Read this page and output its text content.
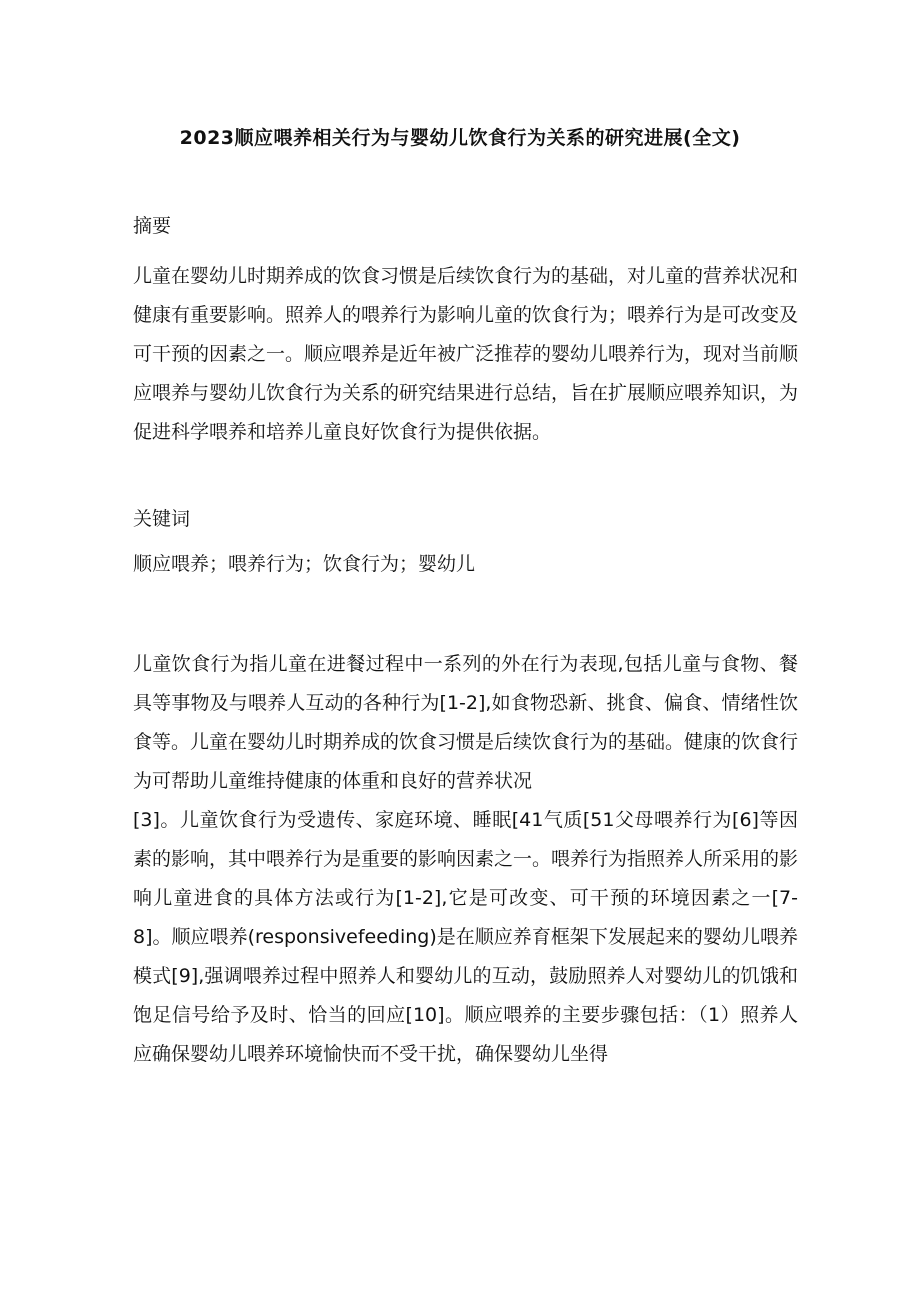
2023顺应喂养相关行为与婴幼儿饮食行为关系的研究进展(全文)

摘要

儿童在婴幼儿时期养成的饮食习惯是后续饮食行为的基础，对儿童的营养状况和健康有重要影响。照养人的喂养行为影响儿童的饮食行为；喂养行为是可改变及可干预的因素之一。顺应喂养是近年被广泛推荐的婴幼儿喂养行为，现对当前顺应喂养与婴幼儿饮食行为关系的研究结果进行总结，旨在扩展顺应喂养知识，为促进科学喂养和培养儿童良好饮食行为提供依据。

关键词

顺应喂养；喂养行为；饮食行为；婴幼儿

儿童饮食行为指儿童在进餐过程中一系列的外在行为表现,包括儿童与食物、餐具等事物及与喂养人互动的各种行为[1-2],如食物恐新、挑食、偏食、情绪性饮食等。儿童在婴幼儿时期养成的饮食习惯是后续饮食行为的基础。健康的饮食行为可帮助儿童维持健康的体重和良好的营养状况

[3]。儿童饮食行为受遗传、家庭环境、睡眠[41气质[51父母喂养行为[6]等因素的影响，其中喂养行为是重要的影响因素之一。喂养行为指照养人所采用的影响儿童进食的具体方法或行为[1-2],它是可改变、可干预的环境因素之一[7-8]。顺应喂养(responsivefeeding)是在顺应养育框架下发展起来的婴幼儿喂养模式[9],强调喂养过程中照养人和婴幼儿的互动，鼓励照养人对婴幼儿的饥饿和饱足信号给予及时、恰当的回应[10]。顺应喂养的主要步骤包括：（1）照养人应确保婴幼儿喂养环境愉快而不受干扰，确保婴幼儿坐得
